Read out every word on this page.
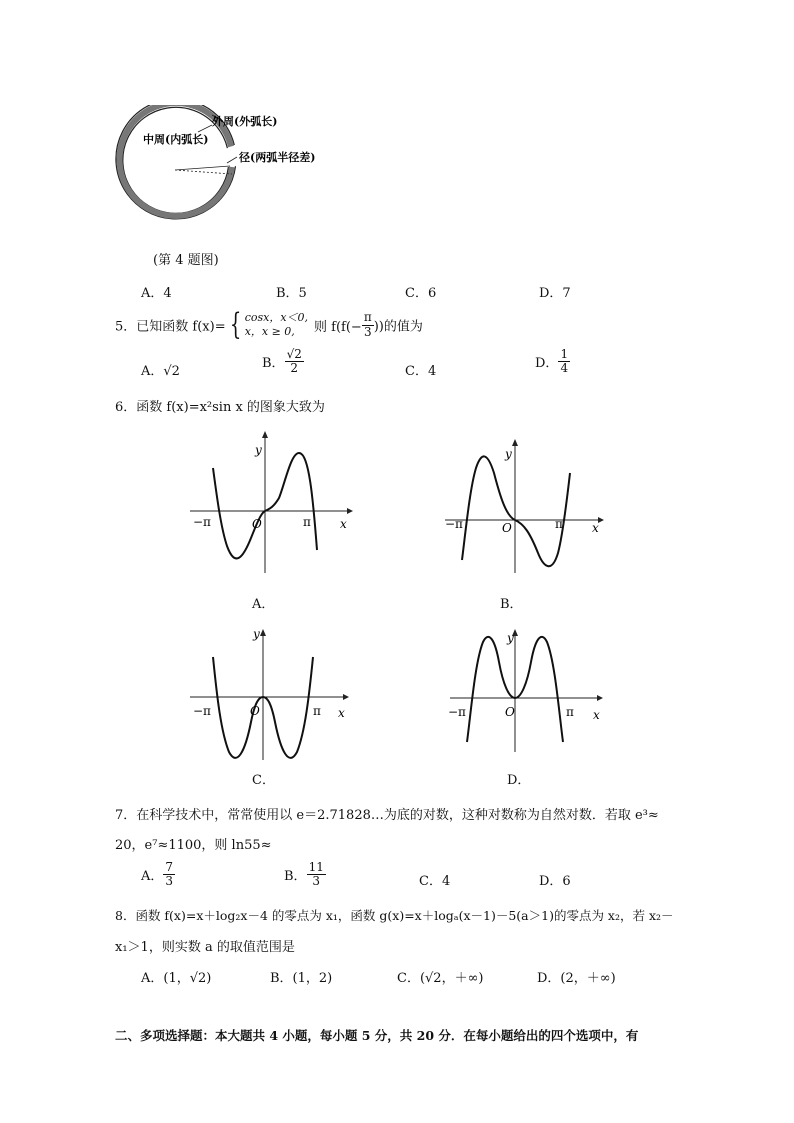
外周(外弧长)
中周(内弧长)
径(两弧半径差)
(第 4 题图)
A．4	B．5	C．6	D．7
5．已知函数 f(x)= { cosx，x＜0,
x，x ≥ 0,	则 $f(f(- \frac{\pi}{3}$ ))的值为
A．√2
B． $\frac{√2}{2}$	C．4
D． $\frac{1}{4}$
6．函数 f(x)=x²sin x 的图象大致为
y
x
O
−π	π
A．
y
x
O
−π	π
B．
y
x
O
−π	π
C．
y
x
O
−π	π
D．
7．在科学技术中，常常使用以 e＝2.71828…为底的对数，这种对数称为自然对数．若取 e³≈
20，e⁷≈1100，则 ln55≈
A． $\frac{7}{3}$	B． $\frac{11}{3}$	C．4	D．6
8．函数 f(x)=x＋log₂x－4 的零点为 x₁，函数 g(x)=x＋logₐ(x－1)－5(a＞1)的零点为 x₂，若 x₂－
x₁＞1，则实数 a 的取值范围是
A．(1，√2)	B．(1，2)	C．(√2，＋∞)	D．(2，＋∞)
二、多项选择题：本大题共 4 小题，每小题 5 分，共 20 分．在每小题给出的四个选项中，有
